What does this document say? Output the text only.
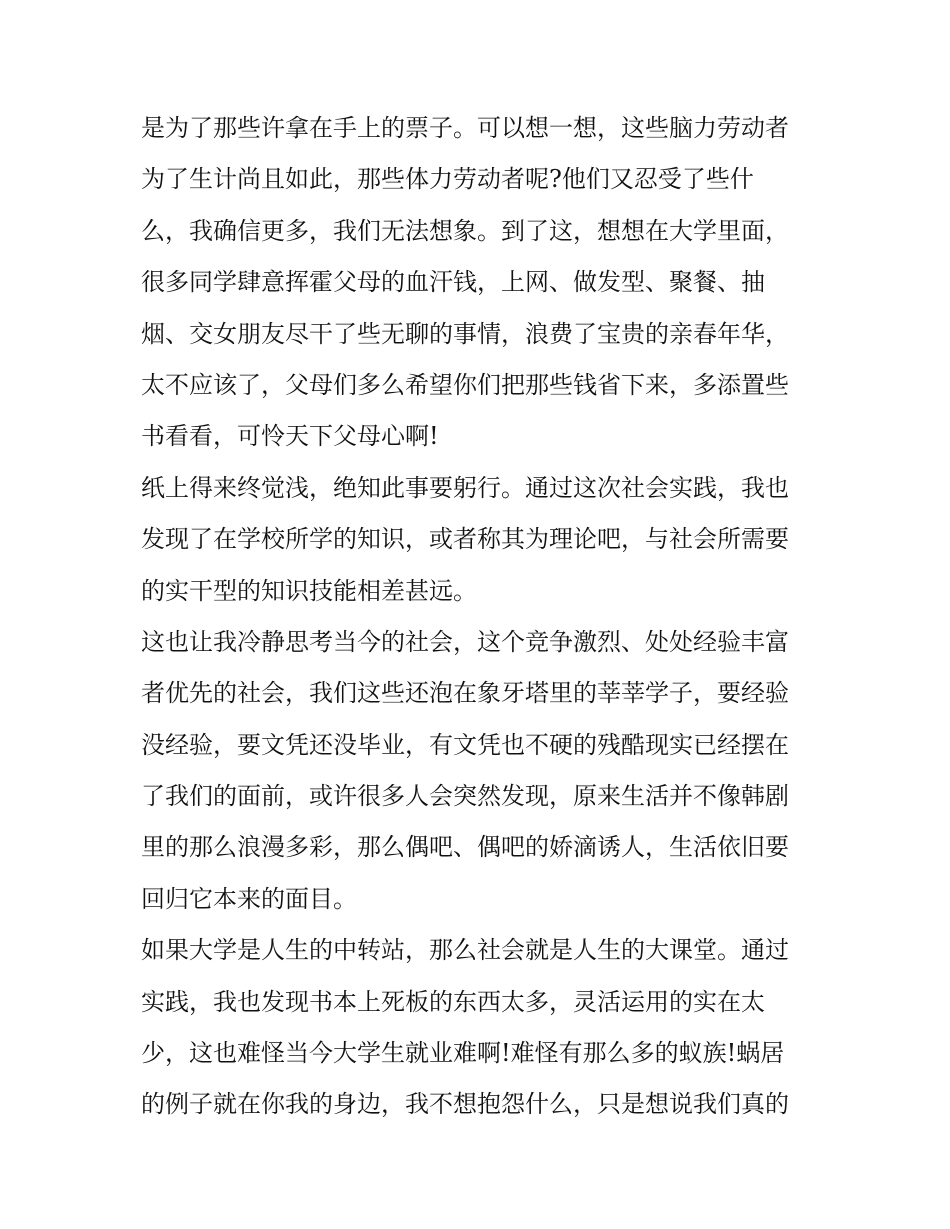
是为了那些许拿在手上的票子。可以想一想，这些脑力劳动者
为了生计尚且如此，那些体力劳动者呢?他们又忍受了些什
么，我确信更多，我们无法想象。到了这，想想在大学里面，
很多同学肆意挥霍父母的血汗钱，上网、做发型、聚餐、抽
烟、交女朋友尽干了些无聊的事情，浪费了宝贵的亲春年华，
太不应该了，父母们多么希望你们把那些钱省下来，多添置些
书看看，可怜天下父母心啊!
纸上得来终觉浅，绝知此事要躬行。通过这次社会实践，我也
发现了在学校所学的知识，或者称其为理论吧，与社会所需要
的实干型的知识技能相差甚远。
这也让我冷静思考当今的社会，这个竞争激烈、处处经验丰富
者优先的社会，我们这些还泡在象牙塔里的莘莘学子，要经验
没经验，要文凭还没毕业，有文凭也不硬的残酷现实已经摆在
了我们的面前，或许很多人会突然发现，原来生活并不像韩剧
里的那么浪漫多彩，那么偶吧、偶吧的娇滴诱人，生活依旧要
回归它本来的面目。
如果大学是人生的中转站，那么社会就是人生的大课堂。通过
实践，我也发现书本上死板的东西太多，灵活运用的实在太
少，这也难怪当今大学生就业难啊!难怪有那么多的蚁族!蜗居
的例子就在你我的身边，我不想抱怨什么，只是想说我们真的
